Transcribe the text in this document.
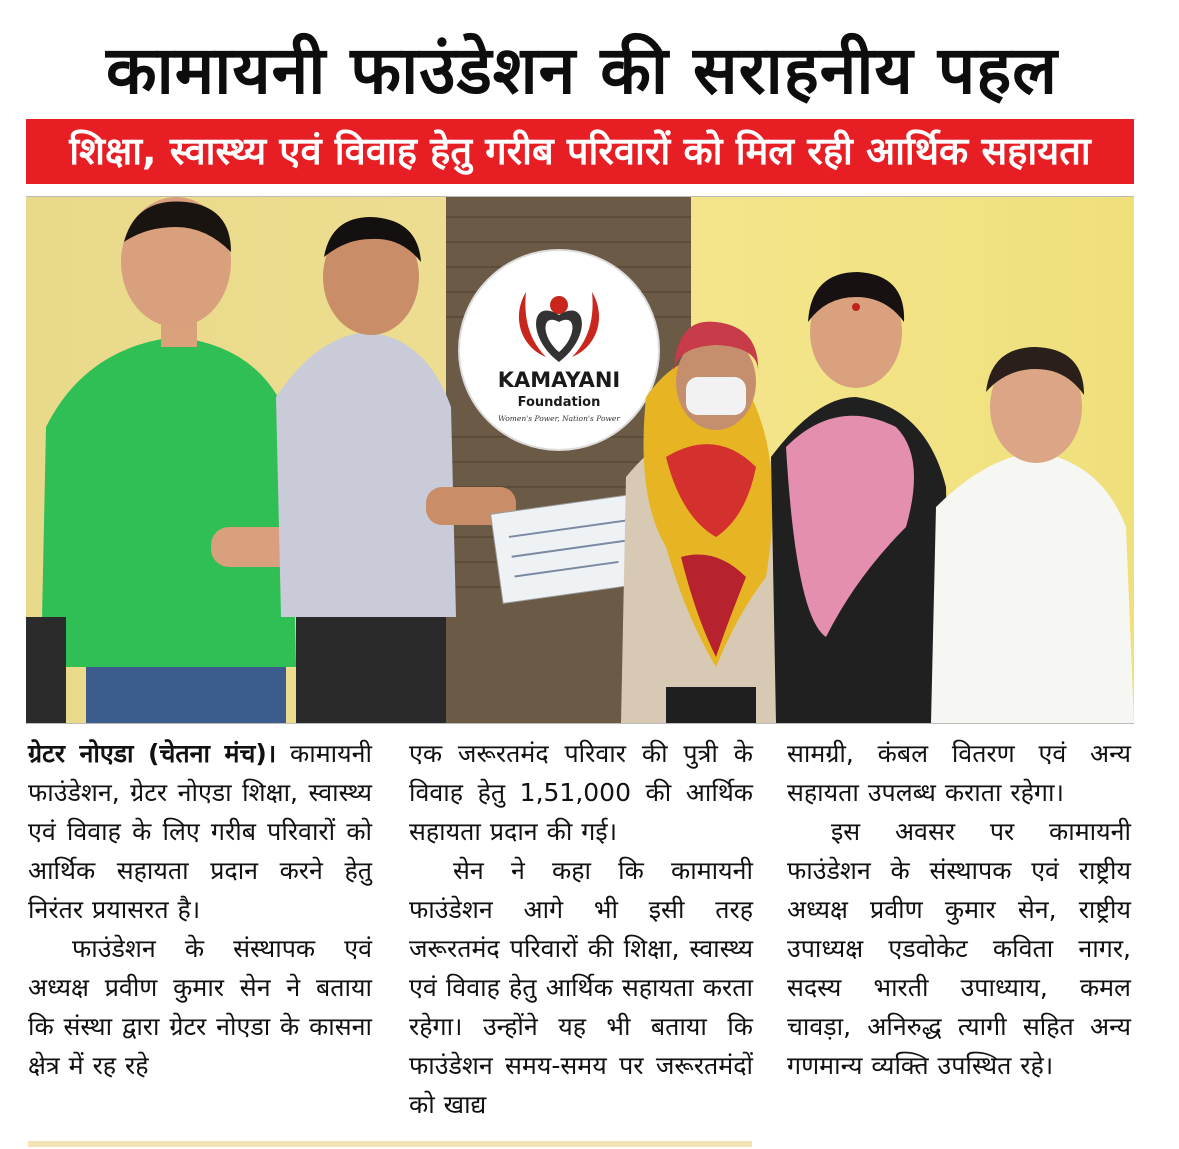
कामायनी फाउंडेशन की सराहनीय पहल
शिक्षा, स्वास्थ्य एवं विवाह हेतु गरीब परिवारों को मिल रही आर्थिक सहायता
KAMAYANI
Foundation
Women's Power, Nation's Power

ग्रेटर नोएडा (चेतना मंच)। कामायनी फाउंडेशन, ग्रेटर नोएडा शिक्षा, स्वास्थ्य एवं विवाह के लिए गरीब परिवारों को आर्थिक सहायता प्रदान करने हेतु निरंतर प्रयासरत है।

फाउंडेशन के संस्थापक एवं अध्यक्ष प्रवीण कुमार सेन ने बताया कि संस्था द्वारा ग्रेटर नोएडा के कासना क्षेत्र में रह रहे

एक जरूरतमंद परिवार की पुत्री के विवाह हेतु 1,51,000 की आर्थिक सहायता प्रदान की गई।

सेन ने कहा कि कामायनी फाउंडेशन आगे भी इसी तरह जरूरतमंद परिवारों की शिक्षा, स्वास्थ्य एवं विवाह हेतु आर्थिक सहायता करता रहेगा। उन्होंने यह भी बताया कि फाउंडेशन समय-समय पर जरूरतमंदों को खाद्य

सामग्री, कंबल वितरण एवं अन्य सहायता उपलब्ध कराता रहेगा।

इस अवसर पर कामायनी फाउंडेशन के संस्थापक एवं राष्ट्रीय अध्यक्ष प्रवीण कुमार सेन, राष्ट्रीय उपाध्यक्ष एडवोकेट कविता नागर, सदस्य भारती उपाध्याय, कमल चावड़ा, अनिरुद्ध त्यागी सहित अन्य गणमान्य व्यक्ति उपस्थित रहे।
